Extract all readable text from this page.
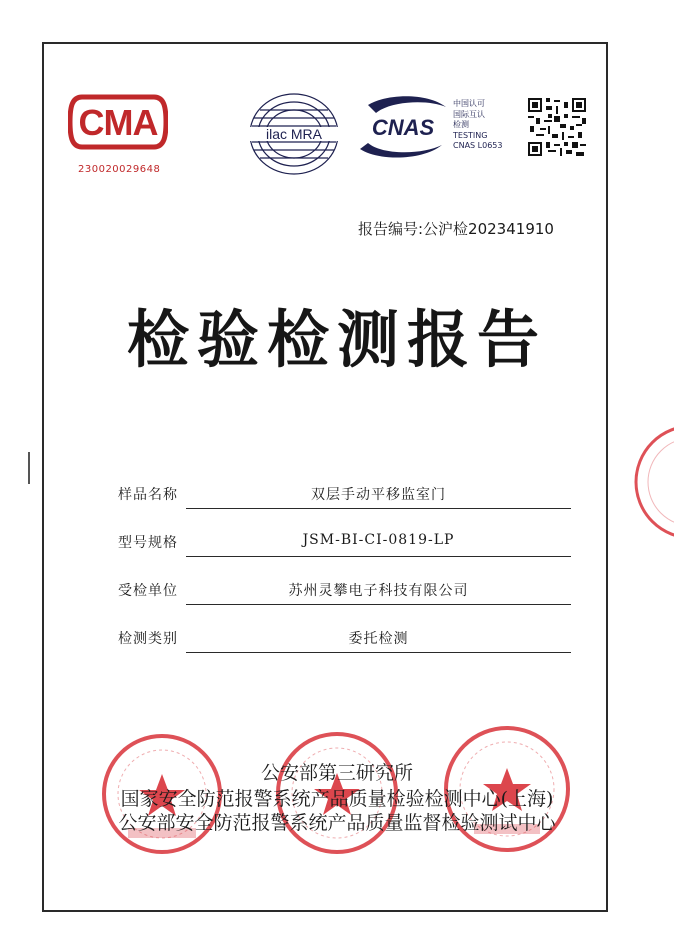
CMA
230020029648
ilac MRA CNAS
中国认可
国际互认
检测
TESTING
CNAS L0653
报告编号:公沪检202341910
检验检测报告
样品名称	双层手动平移监室门
型号规格	JSM-BI-CI-0819-LP
受检单位	苏州灵攀电子科技有限公司
检测类别	委托检测
公安部第三研究所
国家安全防范报警系统产品质量检验检测中心(上海)
公安部安全防范报警系统产品质量监督检验测试中心
